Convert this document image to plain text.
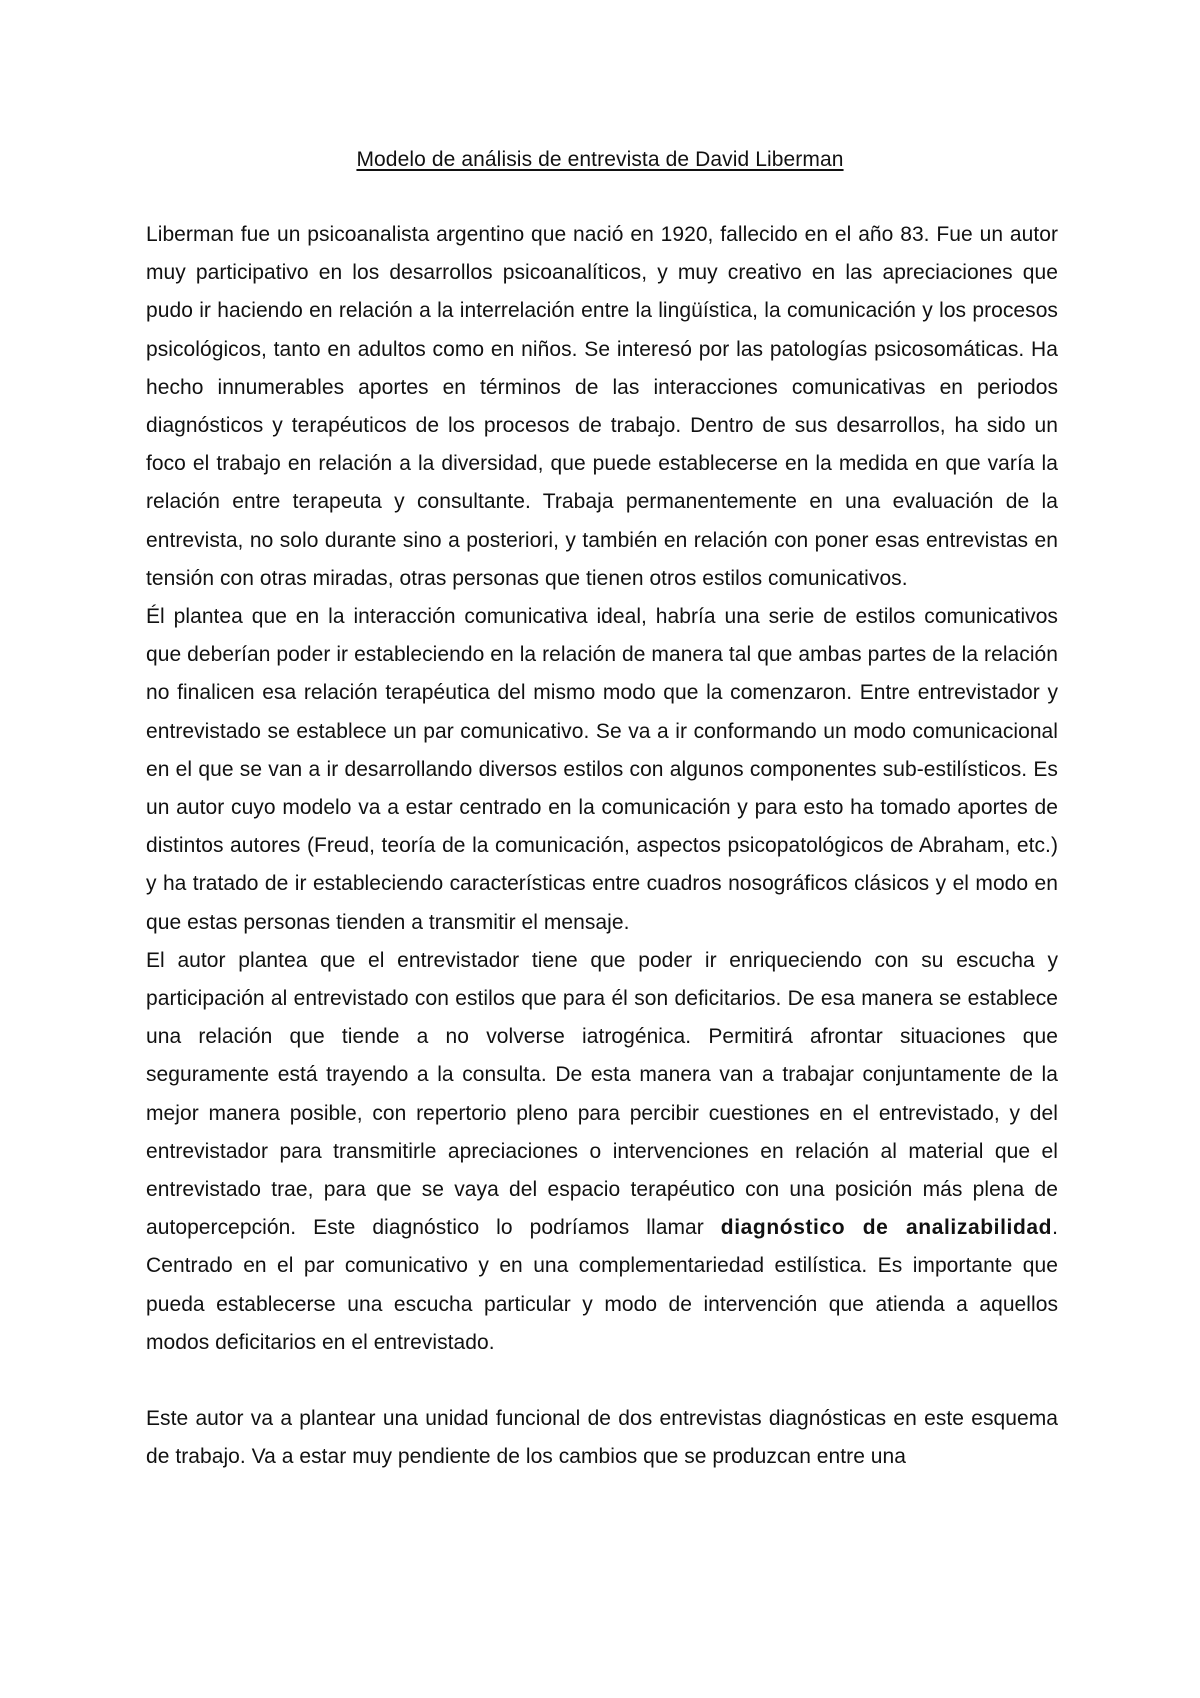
Modelo de análisis de entrevista de David Liberman

Liberman fue un psicoanalista argentino que nació en 1920, fallecido en el año 83. Fue un autor muy participativo en los desarrollos psicoanalíticos, y muy creativo en las apreciaciones que pudo ir haciendo en relación a la interrelación entre la lingüística, la comunicación y los procesos psicológicos, tanto en adultos como en niños. Se interesó por las patologías psicosomáticas. Ha hecho innumerables aportes en términos de las interacciones comunicativas en periodos diagnósticos y terapéuticos de los procesos de trabajo. Dentro de sus desarrollos, ha sido un foco el trabajo en relación a la diversidad, que puede establecerse en la medida en que varía la relación entre terapeuta y consultante. Trabaja permanentemente en una evaluación de la entrevista, no solo durante sino a posteriori, y también en relación con poner esas entrevistas en tensión con otras miradas, otras personas que tienen otros estilos comunicativos.

Él plantea que en la interacción comunicativa ideal, habría una serie de estilos comunicativos que deberían poder ir estableciendo en la relación de manera tal que ambas partes de la relación no finalicen esa relación terapéutica del mismo modo que la comenzaron. Entre entrevistador y entrevistado se establece un par comunicativo. Se va a ir conformando un modo comunicacional en el que se van a ir desarrollando diversos estilos con algunos componentes sub-estilísticos. Es un autor cuyo modelo va a estar centrado en la comunicación y para esto ha tomado aportes de distintos autores (Freud, teoría de la comunicación, aspectos psicopatológicos de Abraham, etc.) y ha tratado de ir estableciendo características entre cuadros nosográficos clásicos y el modo en que estas personas tienden a transmitir el mensaje.

El autor plantea que el entrevistador tiene que poder ir enriqueciendo con su escucha y participación al entrevistado con estilos que para él son deficitarios. De esa manera se establece una relación que tiende a no volverse iatrogénica. Permitirá afrontar situaciones que seguramente está trayendo a la consulta. De esta manera van a trabajar conjuntamente de la mejor manera posible, con repertorio pleno para percibir cuestiones en el entrevistado, y del entrevistador para transmitirle apreciaciones o intervenciones en relación al material que el entrevistado trae, para que se vaya del espacio terapéutico con una posición más plena de autopercepción. Este diagnóstico lo podríamos llamar diagnóstico de analizabilidad. Centrado en el par comunicativo y en una complementariedad estilística. Es importante que pueda establecerse una escucha particular y modo de intervención que atienda a aquellos modos deficitarios en el entrevistado.

Este autor va a plantear una unidad funcional de dos entrevistas diagnósticas en este esquema de trabajo. Va a estar muy pendiente de los cambios que se produzcan entre una
